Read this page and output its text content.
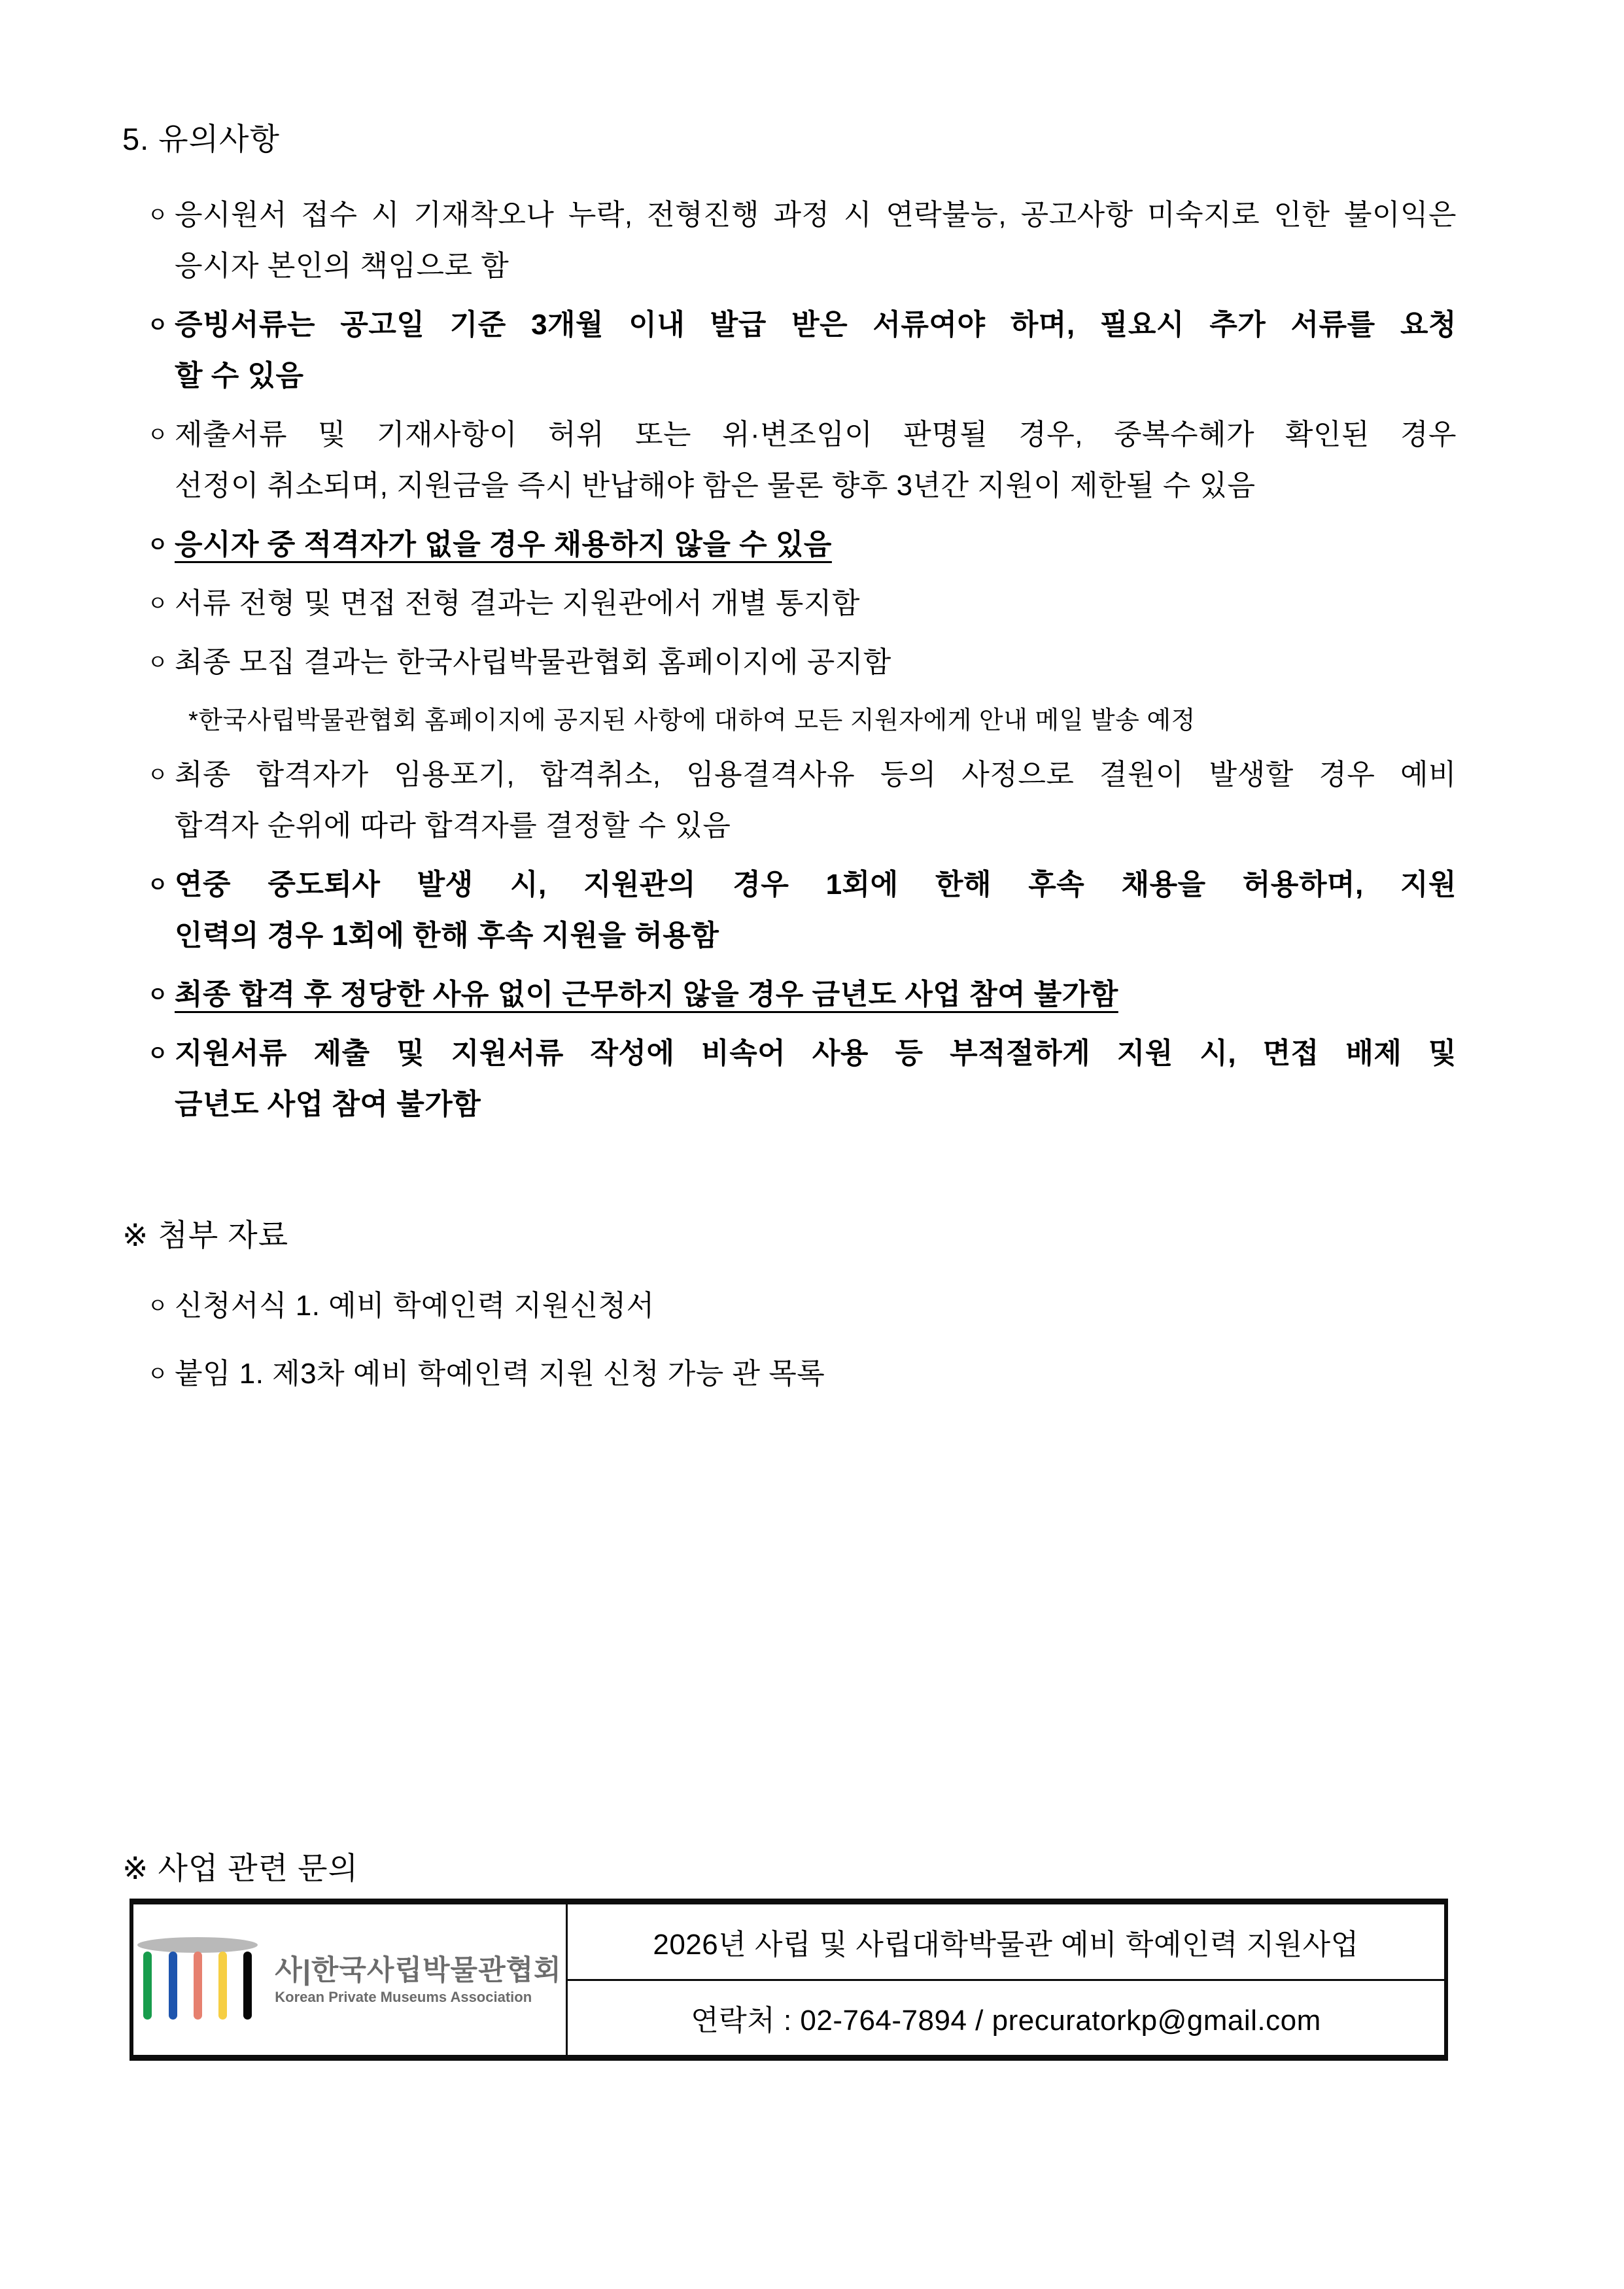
5. 유의사항
ㅇ 응시원서 접수 시 기재착오나 누락, 전형진행 과정 시 연락불능, 공고사항 미숙지로 인한 불이익은
응시자 본인의 책임으로 함
ㅇ 증빙서류는 공고일 기준 3개월 이내 발급 받은 서류여야 하며, 필요시 추가 서류를 요청
할 수 있음
ㅇ 제출서류 및 기재사항이 허위 또는 위·변조임이 판명될 경우, 중복수혜가 확인된 경우
선정이 취소되며, 지원금을 즉시 반납해야 함은 물론 향후 3년간 지원이 제한될 수 있음
ㅇ 응시자 중 적격자가 없을 경우 채용하지 않을 수 있음
ㅇ 서류 전형 및 면접 전형 결과는 지원관에서 개별 통지함
ㅇ 최종 모집 결과는 한국사립박물관협회 홈페이지에 공지함
*한국사립박물관협회 홈페이지에 공지된 사항에 대하여 모든 지원자에게 안내 메일 발송 예정
ㅇ 최종 합격자가 임용포기, 합격취소, 임용결격사유 등의 사정으로 결원이 발생할 경우 예비
합격자 순위에 따라 합격자를 결정할 수 있음
ㅇ 연중 중도퇴사 발생 시, 지원관의 경우 1회에 한해 후속 채용을 허용하며, 지원
인력의 경우 1회에 한해 후속 지원을 허용함
ㅇ 최종 합격 후 정당한 사유 없이 근무하지 않을 경우 금년도 사업 참여 불가함
ㅇ 지원서류 제출 및 지원서류 작성에 비속어 사용 등 부적절하게 지원 시, 면접 배제 및
금년도 사업 참여 불가함
※ 첨부 자료
ㅇ 신청서식 1. 예비 학예인력 지원신청서
ㅇ 붙임 1. 제3차 예비 학예인력 지원 신청 가능 관 목록
※ 사업 관련 문의
사|한국사립박물관협회
Korean Private Museums Association
2026년 사립 및 사립대학박물관 예비 학예인력 지원사업
연락처 : 02-764-7894 / precuratorkp@gmail.com
